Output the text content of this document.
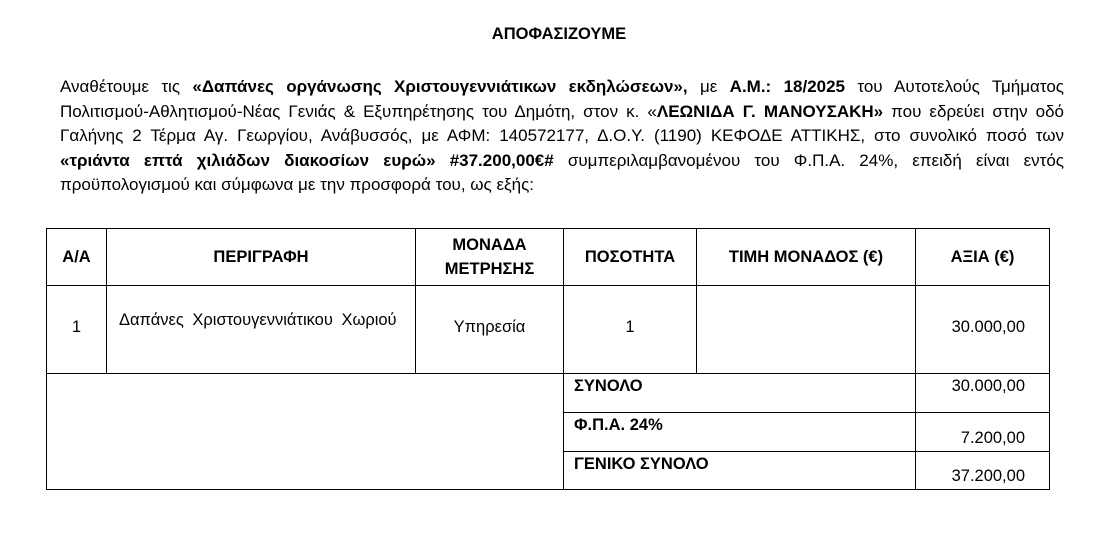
ΑΠΟΦΑΣΙΖΟΥΜΕ
Αναθέτουμε τις «Δαπάνες οργάνωσης Χριστουγεννιάτικων εκδηλώσεων», με Α.Μ.: 18/2025 του Αυτοτελούς Τμήματος Πολιτισμού-Αθλητισμού-Νέας Γενιάς & Εξυπηρέτησης του Δημότη, στον κ. «ΛΕΩΝΙΔΑ Γ. ΜΑΝΟΥΣΑΚΗ» που εδρεύει στην οδό Γαλήνης 2 Τέρμα Αγ. Γεωργίου, Ανάβυσσός, με ΑΦΜ: 140572177, Δ.Ο.Υ. (1190) ΚΕΦΟΔΕ ΑΤΤΙΚΗΣ, στο συνολικό ποσό των «τριάντα επτά χιλιάδων διακοσίων ευρώ» #37.200,00€# συμπεριλαμβανομένου του Φ.Π.Α. 24%, επειδή είναι εντός προϋπολογισμού και σύμφωνα με την προσφορά του, ως εξής:
Α/Α	ΠΕΡΙΓΡΑΦΗ	ΜΟΝΑΔΑ
ΜΕΤΡΗΣΗΣ	ΠΟΣΟΤΗΤΑ	ΤΙΜΗ ΜΟΝΑΔΟΣ (€)	ΑΞΙΑ (€)
1	Δαπάνες Χριστουγεννιάτικου Χωριού	Υπηρεσία	1		30.000,00
			ΣΥΝΟΛΟ		30.000,00
			Φ.Π.Α. 24%		7.200,00
			ΓΕΝΙΚΟ ΣΥΝΟΛΟ		37.200,00
